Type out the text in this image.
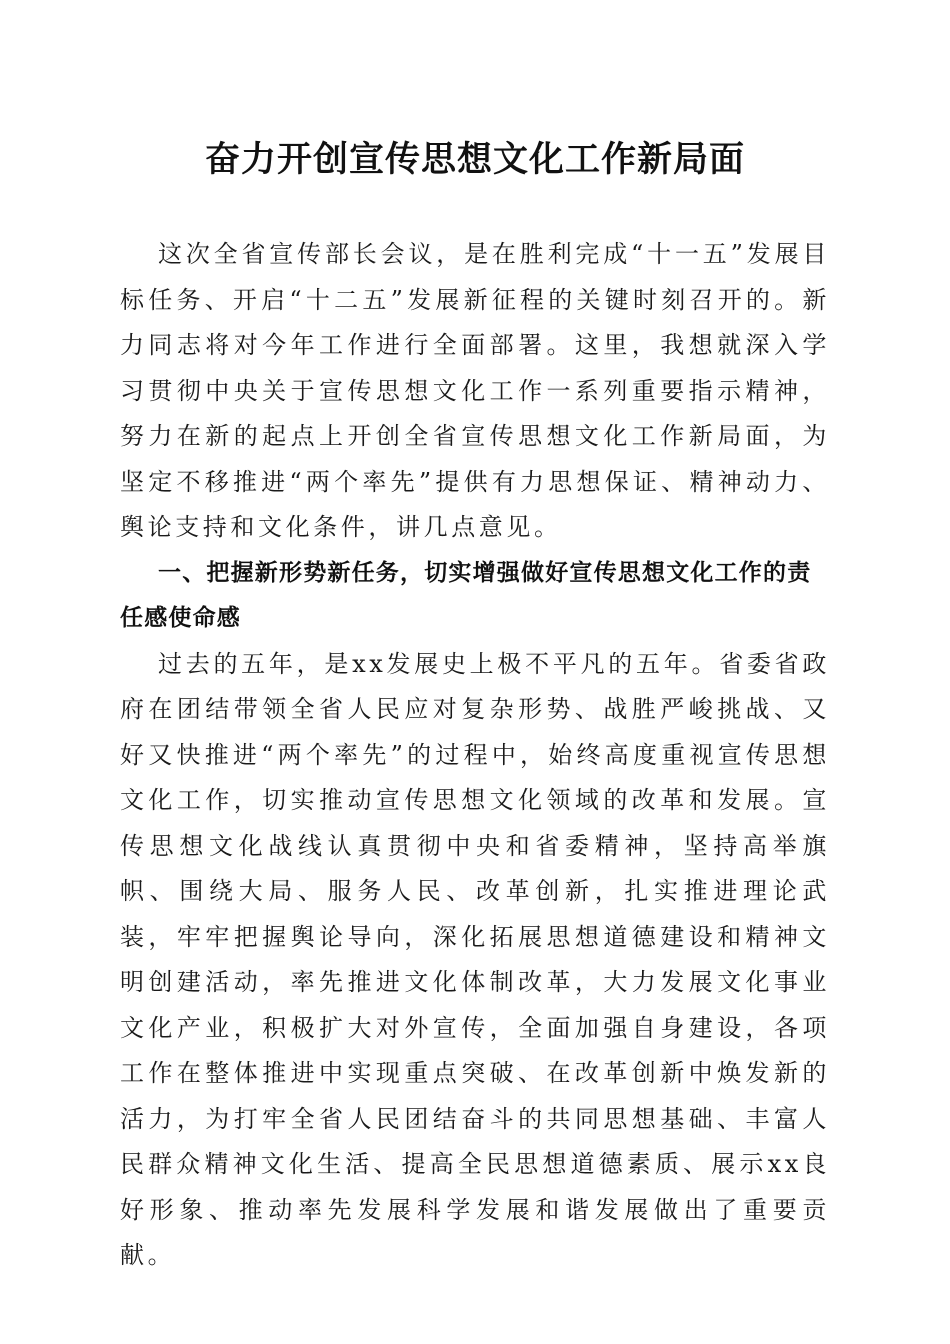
奋力开创宣传思想文化工作新局面

这次全省宣传部长会议，是在胜利完成“十一五”发展目标任务、开启“十二五”发展新征程的关键时刻召开的。新力同志将对今年工作进行全面部署。这里，我想就深入学习贯彻中央关于宣传思想文化工作一系列重要指示精神，努力在新的起点上开创全省宣传思想文化工作新局面，为坚定不移推进“两个率先”提供有力思想保证、精神动力、舆论支持和文化条件，讲几点意见。

一、把握新形势新任务，切实增强做好宣传思想文化工作的责任感使命感

过去的五年，是xx发展史上极不平凡的五年。省委省政府在团结带领全省人民应对复杂形势、战胜严峻挑战、又好又快推进“两个率先”的过程中，始终高度重视宣传思想文化工作，切实推动宣传思想文化领域的改革和发展。宣传思想文化战线认真贯彻中央和省委精神，坚持高举旗帜、围绕大局、服务人民、改革创新，扎实推进理论武装，牢牢把握舆论导向，深化拓展思想道德建设和精神文明创建活动，率先推进文化体制改革，大力发展文化事业文化产业，积极扩大对外宣传，全面加强自身建设，各项工作在整体推进中实现重点突破、在改革创新中焕发新的活力，为打牢全省人民团结奋斗的共同思想基础、丰富人民群众精神文化生活、提高全民思想道德素质、展示xx良好形象、推动率先发展科学发展和谐发展做出了重要贡献。
